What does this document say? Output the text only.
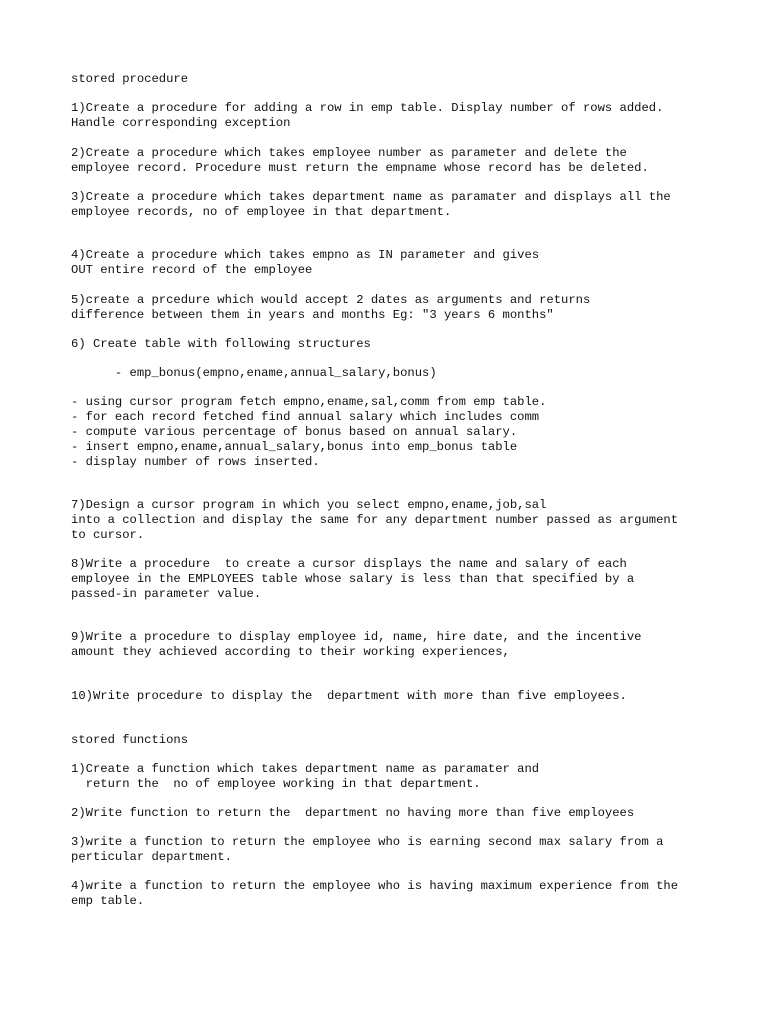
stored procedure

1)Create a procedure for adding a row in emp table. Display number of rows added.

Handle corresponding exception

2)Create a procedure which takes employee number as parameter and delete the

employee record. Procedure must return the empname whose record has be deleted.

3)Create a procedure which takes department name as paramater and displays all the

employee records, no of employee in that department.

4)Create a procedure which takes empno as IN parameter and gives

OUT entire record of the employee

5)create a prcedure which would accept 2 dates as arguments and returns

difference between them in years and months Eg: "3 years 6 months"

6) Create table with following structures

- emp_bonus(empno,ename,annual_salary,bonus)

- using cursor program fetch empno,ename,sal,comm from emp table.

- for each record fetched find annual salary which includes comm

- compute various percentage of bonus based on annual salary.

- insert empno,ename,annual_salary,bonus into emp_bonus table

- display number of rows inserted.

7)Design a cursor program in which you select empno,ename,job,sal

into a collection and display the same for any department number passed as argument

to cursor.

8)Write a procedure  to create a cursor displays the name and salary of each

employee in the EMPLOYEES table whose salary is less than that specified by a

passed-in parameter value.

9)Write a procedure to display employee id, name, hire date, and the incentive

amount they achieved according to their working experiences,

10)Write procedure to display the  department with more than five employees.

stored functions

1)Create a function which takes department name as paramater and

return the  no of employee working in that department.

2)Write function to return the  department no having more than five employees

3)write a function to return the employee who is earning second max salary from a

perticular department.

4)write a function to return the employee who is having maximum experience from the

emp table.
